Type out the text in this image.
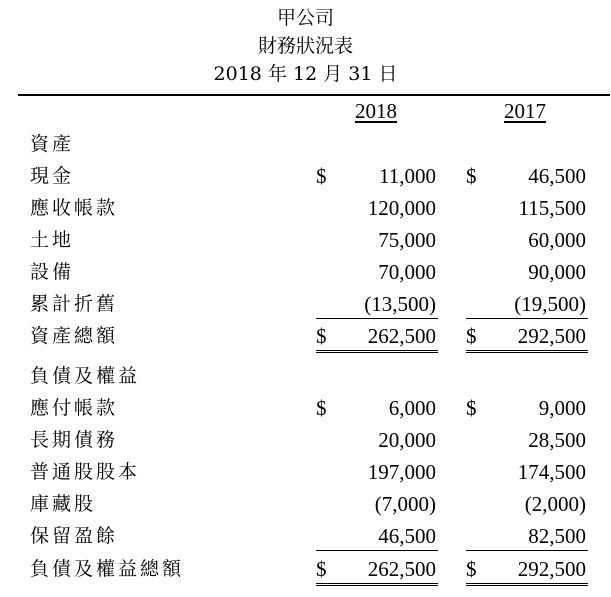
甲公司
財務狀況表
2018 年 12 月 31 日
2018	2017
資產
現金	$	11,000 $ 46,500
應收帳款	120,000	115,500
土地	75,000	60,000
設備	70,000	90,000
累計折舊	(13,500)	(19,500)
資產總額	$ 262,500 $ 292,500
負債及權益
應付帳款	$	6,000 $	9,000
長期債務	20,000	28,500
普通股股本	197,000	174,500
庫藏股	(7,000)	(2,000)
保留盈餘	46,500	82,500
負債及權益總額	$ 262,500 $ 292,500
